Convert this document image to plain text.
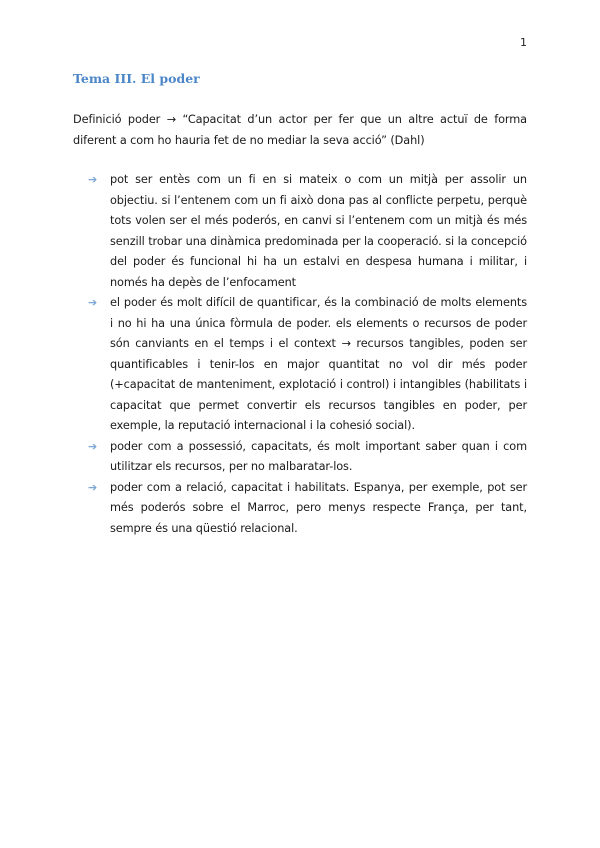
1
Tema III. El poder

Definició poder → “Capacitat d’un actor per fer que un altre actuï de forma diferent a com ho hauria fet de no mediar la seva acció” (Dahl)

➔ pot ser entès com un fi en si mateix o com un mitjà per assolir un objectiu. si l’entenem com un fi això dona pas al conflicte perpetu, perquè tots volen ser el més poderós, en canvi si l’entenem com un mitjà és més senzill trobar una dinàmica predominada per la cooperació. si la concepció del poder és funcional hi ha un estalvi en despesa humana i militar, i només ha depès de l’enfocament
➔ el poder és molt difícil de quantificar, és la combinació de molts elements i no hi ha una única fòrmula de poder. els elements o recursos de poder són canviants en el temps i el context → recursos tangibles, poden ser quantificables i tenir-los en major quantitat no vol dir més poder (+capacitat de manteniment, explotació i control) i intangibles (habilitats i capacitat que permet convertir els recursos tangibles en poder, per exemple, la reputació internacional i la cohesió social).
➔ poder com a possessió, capacitats, és molt important saber quan i com utilitzar els recursos, per no malbaratar-los.
➔ poder com a relació, capacitat i habilitats. Espanya, per exemple, pot ser més poderós sobre el Marroc, pero menys respecte França, per tant, sempre és una qüestió relacional.
